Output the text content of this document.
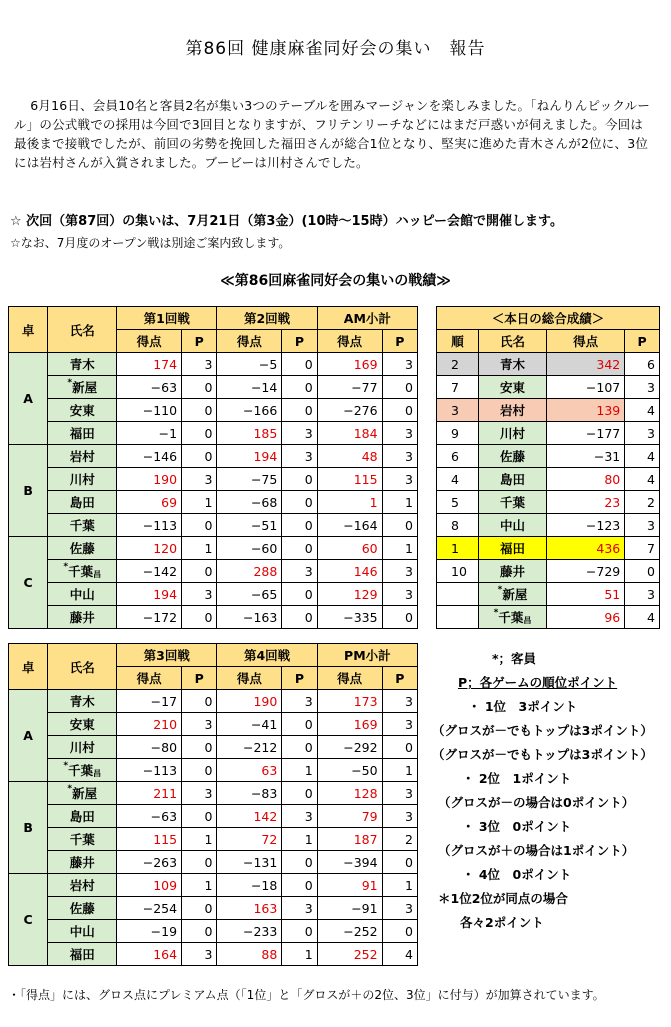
第86回 健康麻雀同好会の集い　報告
6月16日、会員10名と客員2名が集い3つのテーブルを囲みマージャンを楽しみました。「ねんりんピックルール」の公式戦での採用は今回で3回目となりますが、フリテンリーチなどにはまだ戸惑いが伺えました。今回は最後まで接戦でしたが、前回の劣勢を挽回した福田さんが総合1位となり、堅実に進めた青木さんが2位に、3位には岩村さんが入賞されました。ブービーは川村さんでした。
☆ 次回（第87回）の集いは、7月21日（第3金）(10時～15時）ハッピー会館で開催します。
☆なお、7月度のオープン戦は別途ご案内致します。
≪第86回麻雀同好会の集いの戦績≫
卓	氏名	第1回戦		第2回戦		AM小計	
		得点	P	得点	P	得点	P
A	青木	174	3	−5	0	169	3
	*新屋	−63	0	−14	0	−77	0
	安東	−110	0	−166	0	−276	0
	福田	−1	0	185	3	184	3
B	岩村	−146	0	194	3	48	3
	川村	190	3	−75	0	115	3
	島田	69	1	−68	0	1	1
	千葉	−113	0	−51	0	−164	0
C	佐藤	120	1	−60	0	60	1
	*千葉昌	−142	0	288	3	146	3
	中山	194	3	−65	0	129	3
	藤井	−172	0	−163	0	−335	0
卓	氏名	第3回戦		第4回戦		PM小計	
		得点	P	得点	P	得点	P
A	青木	−17	0	190	3	173	3
	安東	210	3	−41	0	169	3
	川村	−80	0	−212	0	−292	0
	*千葉昌	−113	0	63	1	−50	1
B	*新屋	211	3	−83	0	128	3
	島田	−63	0	142	3	79	3
	千葉	115	1	72	1	187	2
	藤井	−263	0	−131	0	−394	0
C	岩村	109	1	−18	0	91	1
	佐藤	−254	0	163	3	−91	3
	中山	−19	0	−233	0	−252	0
	福田	164	3	88	1	252	4
＜本日の総合成績＞			
順	氏名	得点	P
2	青木	342	6
7	安東	−107	3
3	岩村	139	4
9	川村	−177	3
6	佐藤	−31	4
4	島田	80	4
5	千葉	23	2
8	中山	−123	3
1	福田	436	7
10	藤井	−729	0
	*新屋	51	3
	*千葉昌	96	4
*；客員
P；各ゲームの順位ポイント
・ 1位　3ポイント
（グロスが－でもトップは3ポイント）
（グロスが－でもトップは3ポイント）
・ 2位　1ポイント
（グロスが－の場合は0ポイント）
・ 3位　0ポイント
（グロスが＋の場合は1ポイント）
・ 4位　0ポイント
＊1位2位が同点の場合
各々2ポイント
・「得点」には、グロス点にプレミアム点（「1位」と「グロスが＋の2位、3位」に付与）が加算されています。
